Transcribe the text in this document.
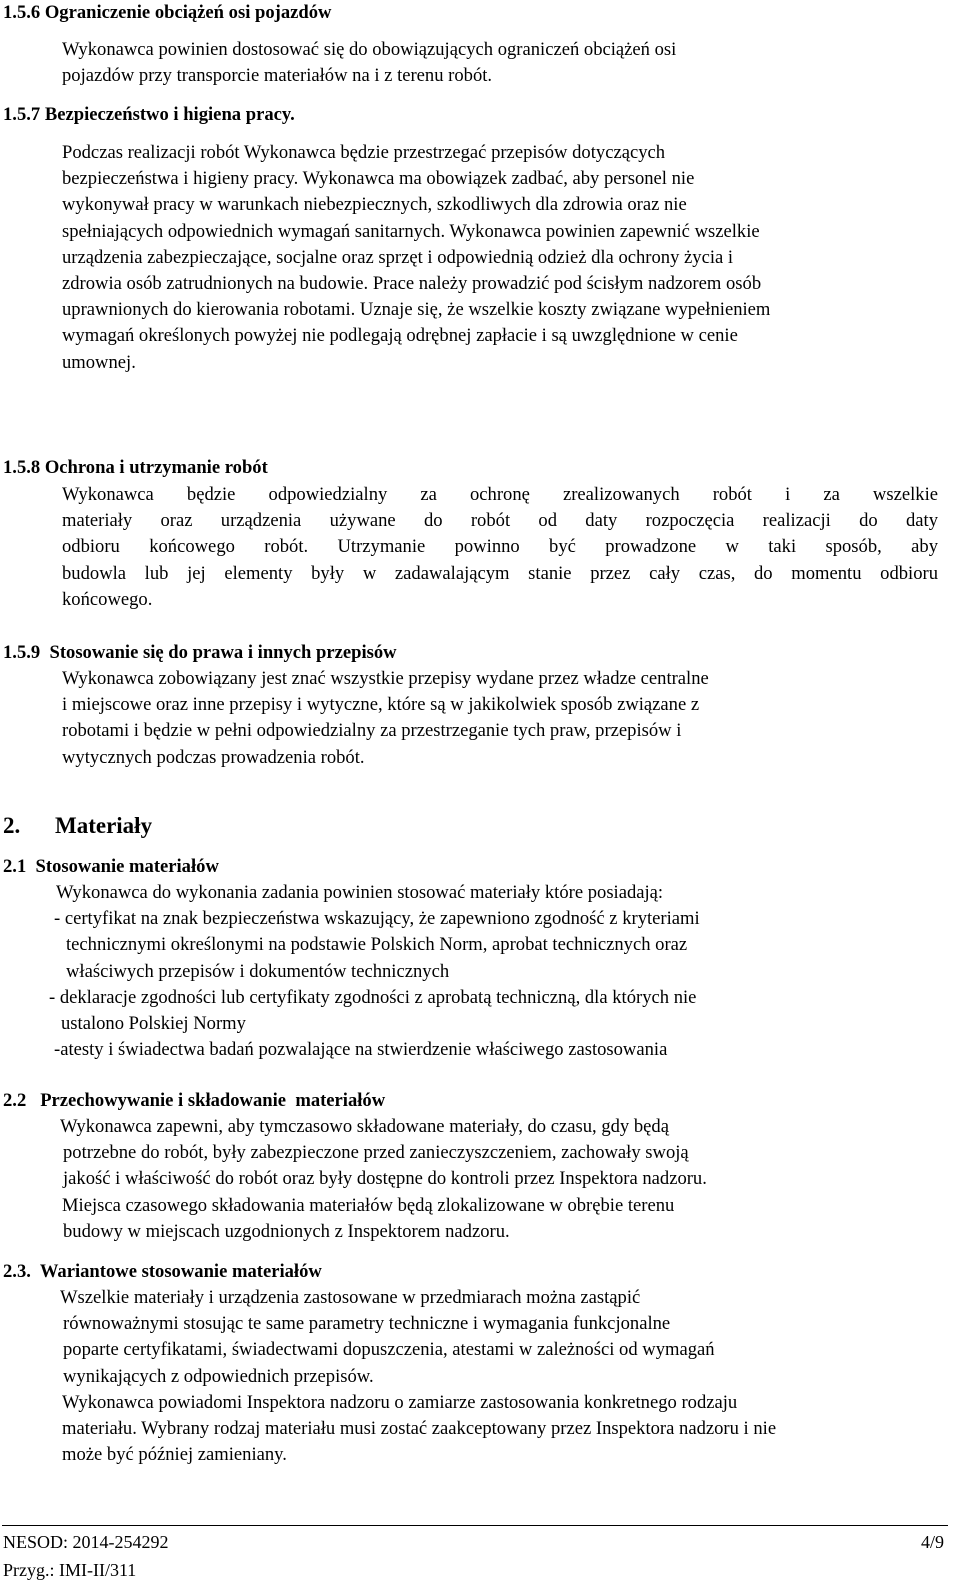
1.5.6 Ograniczenie obciążeń osi pojazdów

Wykonawca powinien dostosować się do obowiązujących ograniczeń obciążeń osi
pojazdów przy transporcie materiałów na i z terenu robót.

1.5.7 Bezpieczeństwo i higiena pracy.

Podczas realizacji robót Wykonawca będzie przestrzegać przepisów dotyczących
bezpieczeństwa i higieny pracy. Wykonawca ma obowiązek zadbać, aby personel nie
wykonywał pracy w warunkach niebezpiecznych, szkodliwych dla zdrowia oraz nie
spełniających odpowiednich wymagań sanitarnych. Wykonawca powinien zapewnić wszelkie
urządzenia zabezpieczające, socjalne oraz sprzęt i odpowiednią odzież dla ochrony życia i
zdrowia osób zatrudnionych na budowie. Prace należy prowadzić pod ścisłym nadzorem osób
uprawnionych do kierowania robotami. Uznaje się, że wszelkie koszty związane wypełnieniem
wymagań określonych powyżej nie podlegają odrębnej zapłacie i są uwzględnione w cenie
umownej.

1.5.8 Ochrona i utrzymanie robót

Wykonawca będzie odpowiedzialny za ochronę zrealizowanych robót i za wszelkie
materiały oraz urządzenia używane do robót od daty rozpoczęcia realizacji do daty
odbioru końcowego robót. Utrzymanie powinno być prowadzone w taki sposób, aby
budowla lub jej elementy były w zadawalającym stanie przez cały czas, do momentu odbioru
końcowego.

1.5.9  Stosowanie się do prawa i innych przepisów

Wykonawca zobowiązany jest znać wszystkie przepisy wydane przez władze centralne
i miejscowe oraz inne przepisy i wytyczne, które są w jakikolwiek sposób związane z
robotami i będzie w pełni odpowiedzialny za przestrzeganie tych praw, przepisów i
wytycznych podczas prowadzenia robót.

2. Materiały

2.1  Stosowanie materiałów

Wykonawca do wykonania zadania powinien stosować materiały które posiadają:
- certyfikat na znak bezpieczeństwa wskazujący, że zapewniono zgodność z kryteriami
technicznymi określonymi na podstawie Polskich Norm, aprobat technicznych oraz
właściwych przepisów i dokumentów technicznych
- deklaracje zgodności lub certyfikaty zgodności z aprobatą techniczną, dla których nie
ustalono Polskiej Normy
-atesty i świadectwa badań pozwalające na stwierdzenie właściwego zastosowania

2.2   Przechowywanie i składowanie  materiałów

Wykonawca zapewni, aby tymczasowo składowane materiały, do czasu, gdy będą
potrzebne do robót, były zabezpieczone przed zanieczyszczeniem, zachowały swoją
jakość i właściwość do robót oraz były dostępne do kontroli przez Inspektora nadzoru.
Miejsca czasowego składowania materiałów będą zlokalizowane w obrębie terenu
budowy w miejscach uzgodnionych z Inspektorem nadzoru.

2.3.  Wariantowe stosowanie materiałów

Wszelkie materiały i urządzenia zastosowane w przedmiarach można zastąpić
równoważnymi stosując te same parametry techniczne i wymagania funkcjonalne
poparte certyfikatami, świadectwami dopuszczenia, atestami w zależności od wymagań
wynikających z odpowiednich przepisów.
Wykonawca powiadomi Inspektora nadzoru o zamiarze zastosowania konkretnego rodzaju
materiału. Wybrany rodzaj materiału musi zostać zaakceptowany przez Inspektora nadzoru i nie
może być później zamieniany.

NESOD: 2014-254292	4/9

Przyg.: IMI-II/311
